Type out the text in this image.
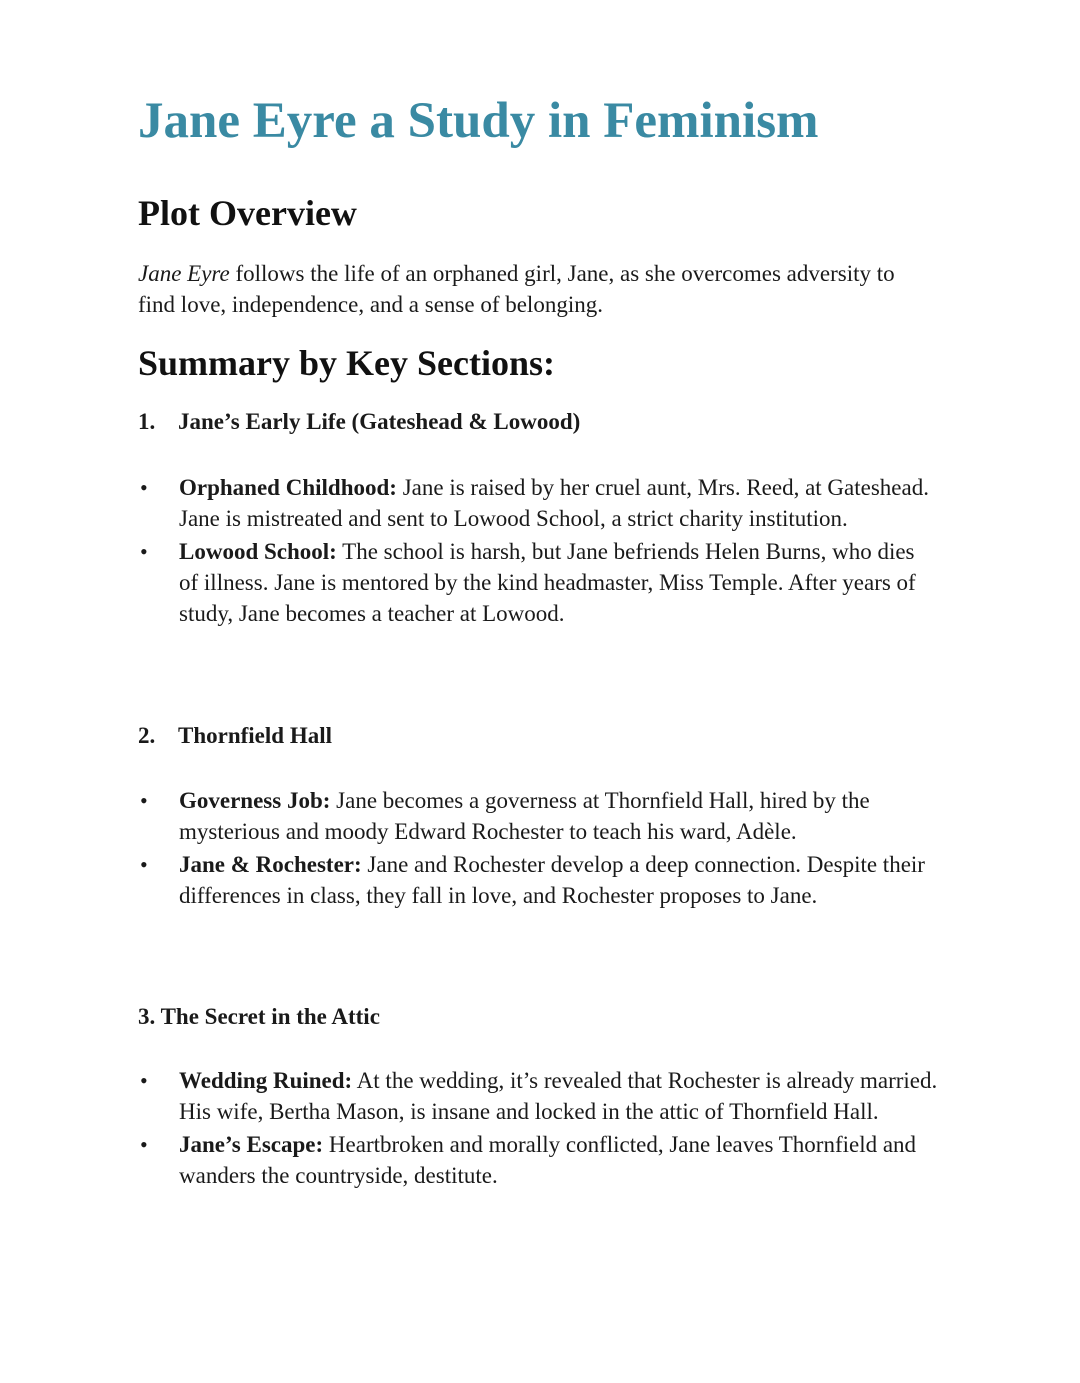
Jane Eyre a Study in Feminism
Plot Overview

Jane Eyre follows the life of an orphaned girl, Jane, as she overcomes adversity to find love, independence, and a sense of belonging.

Summary by Key Sections:
1. Jane’s Early Life (Gateshead & Lowood)
• Orphaned Childhood: Jane is raised by her cruel aunt, Mrs. Reed, at Gateshead. Jane is mistreated and sent to Lowood School, a strict charity institution.
• Lowood School: The school is harsh, but Jane befriends Helen Burns, who dies of illness. Jane is mentored by the kind headmaster, Miss Temple. After years of study, Jane becomes a teacher at Lowood.
2. Thornfield Hall
• Governess Job: Jane becomes a governess at Thornfield Hall, hired by the mysterious and moody Edward Rochester to teach his ward, Adèle.
• Jane & Rochester: Jane and Rochester develop a deep connection. Despite their differences in class, they fall in love, and Rochester proposes to Jane.
3. The Secret in the Attic
• Wedding Ruined: At the wedding, it’s revealed that Rochester is already married. His wife, Bertha Mason, is insane and locked in the attic of Thornfield Hall.
• Jane’s Escape: Heartbroken and morally conflicted, Jane leaves Thornfield and wanders the countryside, destitute.
